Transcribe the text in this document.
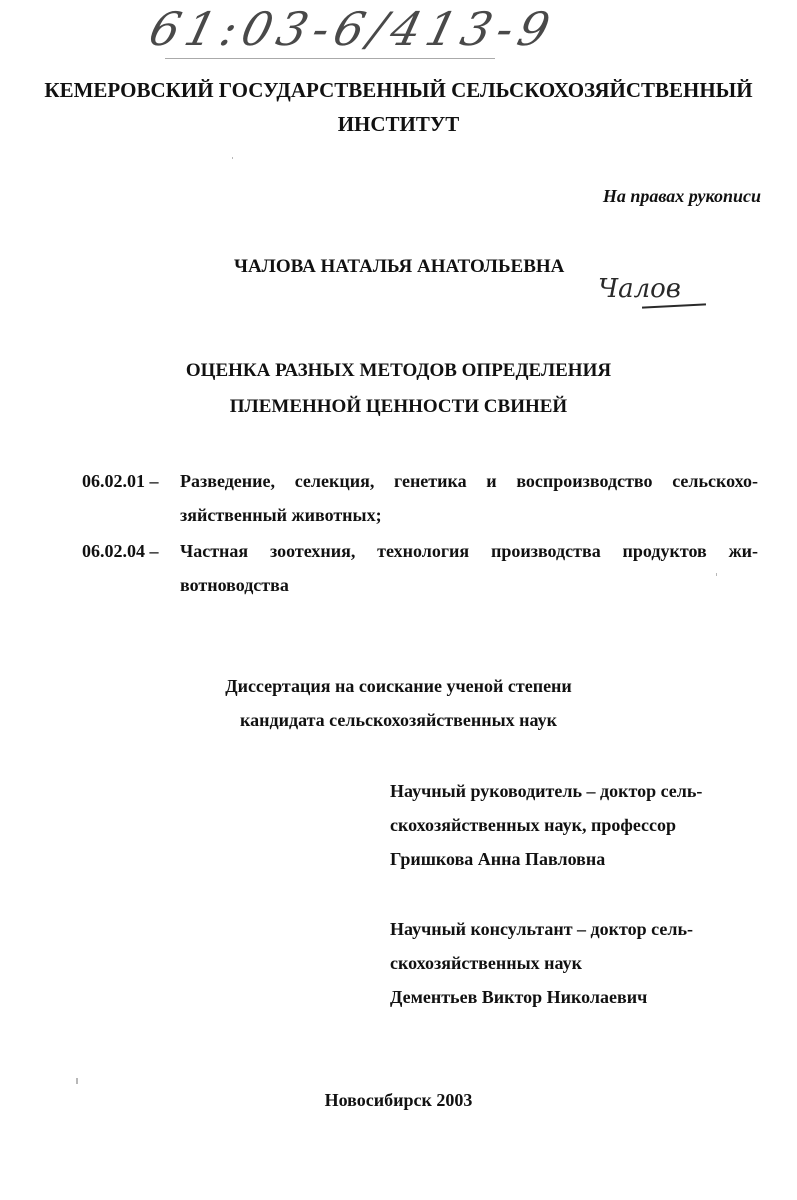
61:03-6/413-9
КЕМЕРОВСКИЙ ГОСУДАРСТВЕННЫЙ СЕЛЬСКОХОЗЯЙСТВЕННЫЙ
ИНСТИТУТ
На правах рукописи
ЧАЛОВА НАТАЛЬЯ АНАТОЛЬЕВНА
Чалов
ОЦЕНКА РАЗНЫХ МЕТОДОВ ОПРЕДЕЛЕНИЯ
ПЛЕМЕННОЙ ЦЕННОСТИ СВИНЕЙ
06.02.01 –	Разведение, селекция, генетика и воспроизводство сельскохо-
зяйственный животных;
06.02.04 –	Частная зоотехния, технология производства продуктов жи-
вотноводства
Диссертация на соискание ученой степени
кандидата сельскохозяйственных наук
Научный руководитель – доктор сель-
скохозяйственных наук, профессор
Гришкова Анна Павловна
Научный консультант – доктор сель-
скохозяйственных наук
Дементьев Виктор Николаевич
Новосибирск 2003
